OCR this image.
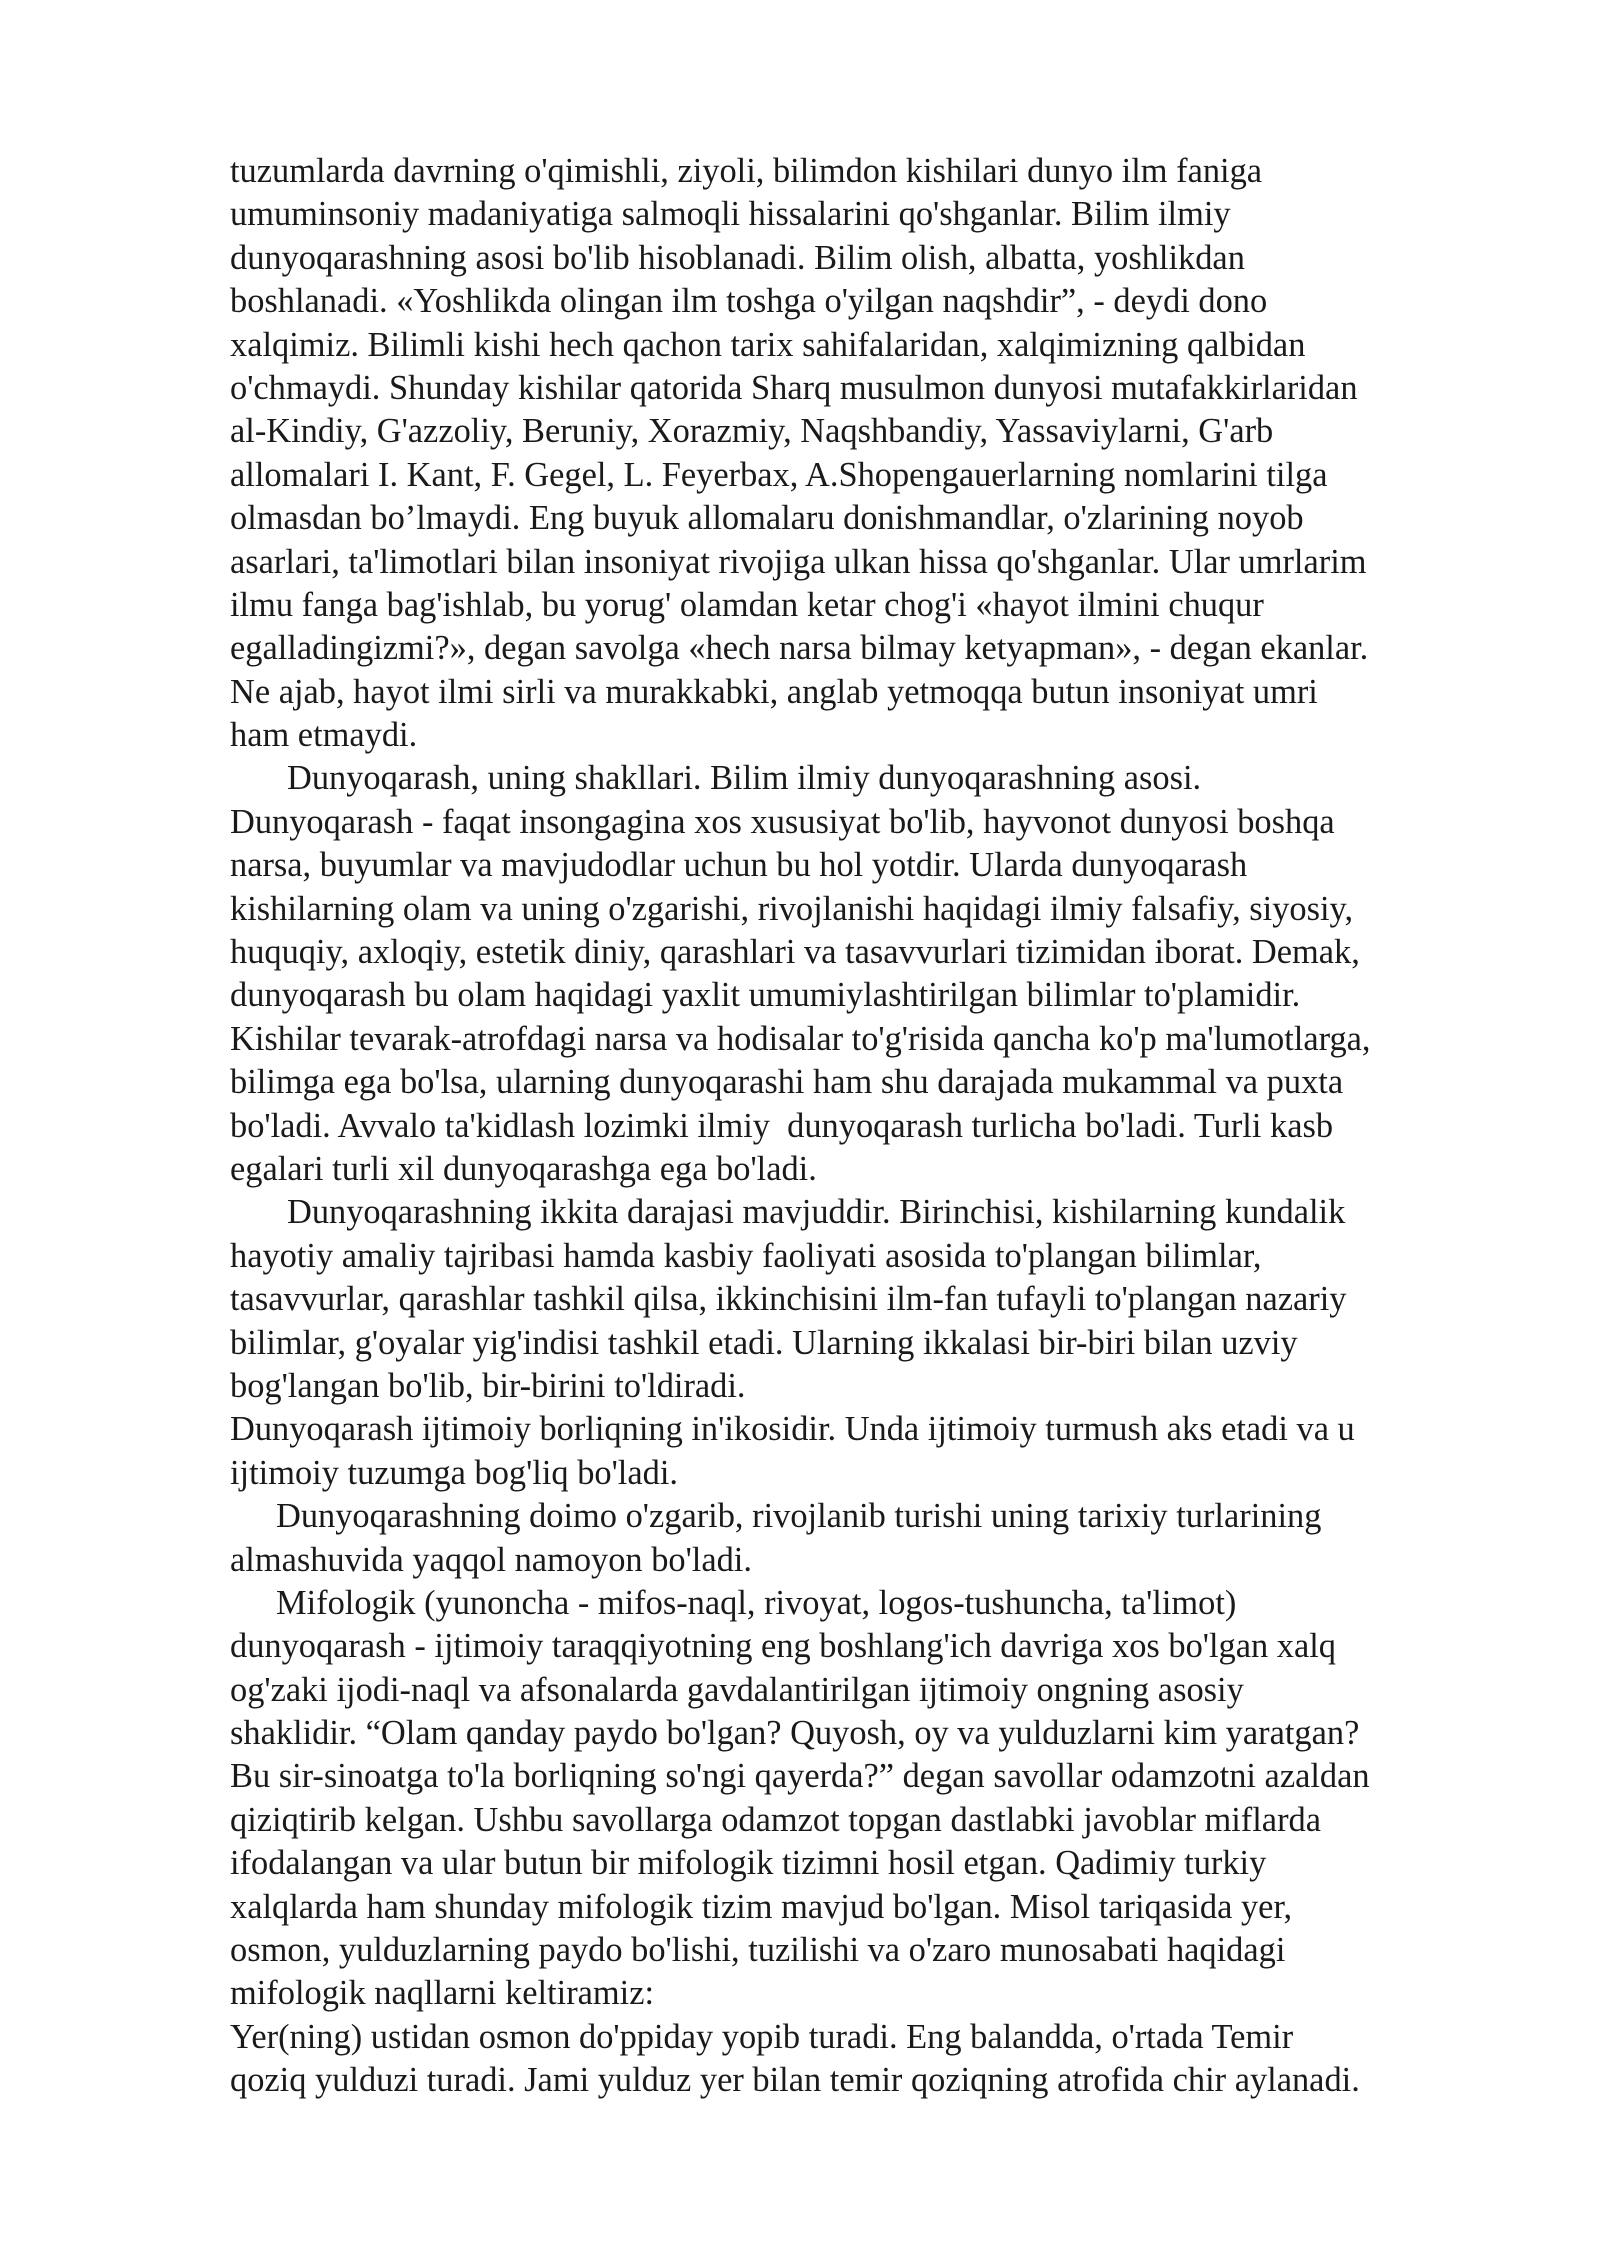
tuzumlarda davrning o'qimishli, ziyoli, bilimdon kishilari dunyo ilm faniga
umuminsoniy madaniyatiga salmoqli hissalarini qo'shganlar. Bilim ilmiy
dunyoqarashning asosi bo'lib hisoblanadi. Bilim olish, albatta, yoshlikdan
boshlanadi. «Yoshlikda olingan ilm toshga o'yilgan naqshdir”, - deydi dono
xalqimiz. Bilimli kishi hech qachon tarix sahifalaridan, xalqimizning qalbidan
o'chmaydi. Shunday kishilar qatorida Sharq musulmon dunyosi mutafakkirlaridan
al-Kindiy, G'azzoliy, Beruniy, Xorazmiy, Naqshbandiy, Yassaviylarni, G'arb
allomalari I. Kant, F. Gegel, L. Feyerbax, A.Shopengauerlarning nomlarini tilga
olmasdan bo’lmaydi. Eng buyuk allomalaru donishmandlar, o'zlarining noyob
asarlari, ta'limotlari bilan insoniyat rivojiga ulkan hissa qo'shganlar. Ular umrlarim
ilmu fanga bag'ishlab, bu yorug' olamdan ketar chog'i «hayot ilmini chuqur
egalladingizmi?», degan savolga «hech narsa bilmay ketyapman», - degan ekanlar.
Ne ajab, hayot ilmi sirli va murakkabki, anglab yetmoqqa butun insoniyat umri
ham etmaydi.
Dunyoqarash, uning shakllari. Bilim ilmiy dunyoqarashning asosi.
Dunyoqarash - faqat insongagina xos xususiyat bo'lib, hayvonot dunyosi boshqa
narsa, buyumlar va mavjudodlar uchun bu hol yotdir. Ularda dunyoqarash
kishilarning olam va uning o'zgarishi, rivojlanishi haqidagi ilmiy falsafiy, siyosiy,
huquqiy, axloqiy, estetik diniy, qarashlari va tasavvurlari tizimidan iborat. Demak,
dunyoqarash bu olam haqidagi yaxlit umumiylashtirilgan bilimlar to'plamidir.
Kishilar tevarak-atrofdagi narsa va hodisalar to'g'risida qancha ko'p ma'lumotlarga,
bilimga ega bo'lsa, ularning dunyoqarashi ham shu darajada mukammal va puxta
bo'ladi. Avvalo ta'kidlash lozimki ilmiy  dunyoqarash turlicha bo'ladi. Turli kasb
egalari turli xil dunyoqarashga ega bo'ladi.
Dunyoqarashning ikkita darajasi mavjuddir. Birinchisi, kishilarning kundalik
hayotiy amaliy tajribasi hamda kasbiy faoliyati asosida to'plangan bilimlar,
tasavvurlar, qarashlar tashkil qilsa, ikkinchisini ilm-fan tufayli to'plangan nazariy
bilimlar, g'oyalar yig'indisi tashkil etadi. Ularning ikkalasi bir-biri bilan uzviy
bog'langan bo'lib, bir-birini to'ldiradi.
Dunyoqarash ijtimoiy borliqning in'ikosidir. Unda ijtimoiy turmush aks etadi va u
ijtimoiy tuzumga bog'liq bo'ladi.
Dunyoqarashning doimo o'zgarib, rivojlanib turishi uning tarixiy turlarining
almashuvida yaqqol namoyon bo'ladi.
Mifologik (yunoncha - mifos-naql, rivoyat, logos-tushuncha, ta'limot)
dunyoqarash - ijtimoiy taraqqiyotning eng boshlang'ich davriga xos bo'lgan xalq
og'zaki ijodi-naql va afsonalarda gavdalantirilgan ijtimoiy ongning asosiy
shaklidir. “Olam qanday paydo bo'lgan? Quyosh, oy va yulduzlarni kim yaratgan?
Bu sir-sinoatga to'la borliqning so'ngi qayerda?” degan savollar odamzotni azaldan
qiziqtirib kelgan. Ushbu savollarga odamzot topgan dastlabki javoblar miflarda
ifodalangan va ular butun bir mifologik tizimni hosil etgan. Qadimiy turkiy
xalqlarda ham shunday mifologik tizim mavjud bo'lgan. Misol tariqasida yer,
osmon, yulduzlarning paydo bo'lishi, tuzilishi va o'zaro munosabati haqidagi
mifologik naqllarni keltiramiz:
Yer(ning) ustidan osmon do'ppiday yopib turadi. Eng balandda, o'rtada Temir
qoziq yulduzi turadi. Jami yulduz yer bilan temir qoziqning atrofida chir aylanadi.
